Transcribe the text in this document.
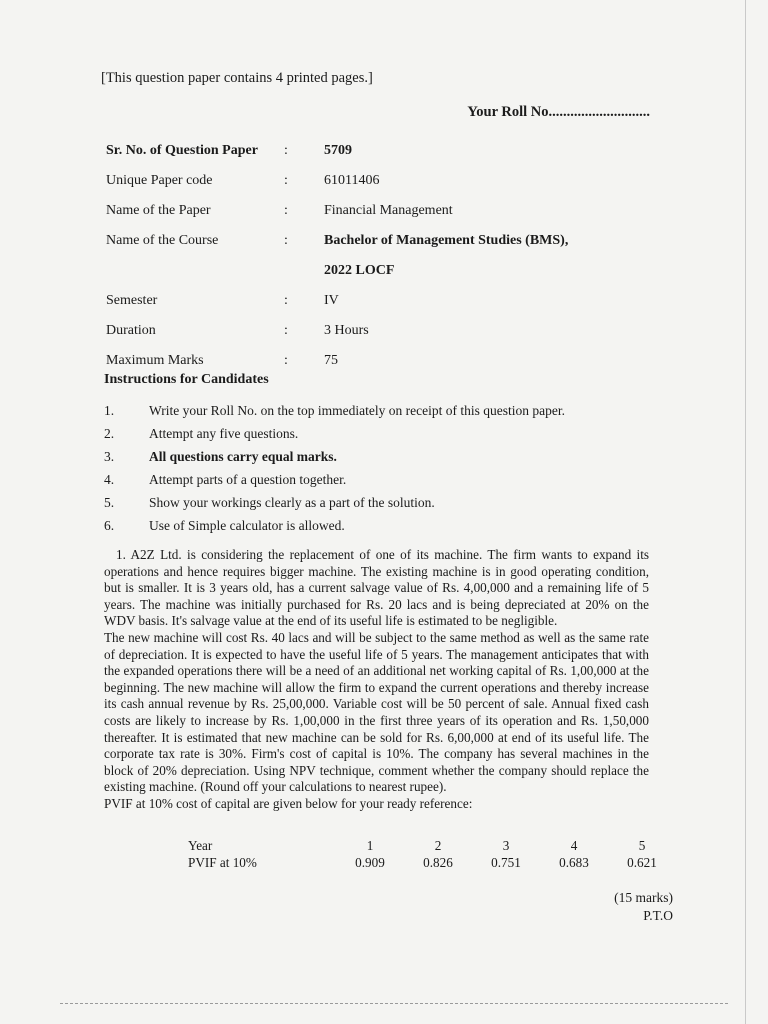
[This question paper contains 4 printed pages.]
Your Roll No............................
Sr. No. of Question Paper	:	5709
Unique Paper code	:	61011406
Name of the Paper	:	Financial Management
Name of the Course	:	Bachelor of Management Studies (BMS),
		2022 LOCF
Semester	:	IV
Duration	:	3 Hours
Maximum Marks	:	75
Instructions for Candidates
1.	Write your Roll No. on the top immediately on receipt of this question paper.
2.	Attempt any five questions.
3.	All questions carry equal marks.
4.	Attempt parts of a question together.
5.	Show your workings clearly as a part of the solution.
6.	Use of Simple calculator is allowed.

1. A2Z Ltd. is considering the replacement of one of its machine. The firm wants to expand its operations and hence requires bigger machine. The existing machine is in good operating condition, but is smaller. It is 3 years old, has a current salvage value of Rs. 4,00,000 and a remaining life of 5 years. The machine was initially purchased for Rs. 20 lacs and is being depreciated at 20% on the WDV basis. It's salvage value at the end of its useful life is estimated to be negligible.

The new machine will cost Rs. 40 lacs and will be subject to the same method as well as the same rate of depreciation. It is expected to have the useful life of 5 years. The management anticipates that with the expanded operations there will be a need of an additional net working capital of Rs. 1,00,000 at the beginning. The new machine will allow the firm to expand the current operations and thereby increase its cash annual revenue by Rs. 25,00,000. Variable cost will be 50 percent of sale. Annual fixed cash costs are likely to increase by Rs. 1,00,000 in the first three years of its operation and Rs. 1,50,000 thereafter. It is estimated that new machine can be sold for Rs. 6,00,000 at end of its useful life. The corporate tax rate is 30%. Firm's cost of capital is 10%. The company has several machines in the block of 20% depreciation. Using NPV technique, comment whether the company should replace the existing machine. (Round off your calculations to nearest rupee).

PVIF at 10% cost of capital are given below for your ready reference:

Year	1	2	3	4	5
PVIF at 10%	0.909	0.826	0.751	0.683	0.621
(15 marks)
P.T.O
